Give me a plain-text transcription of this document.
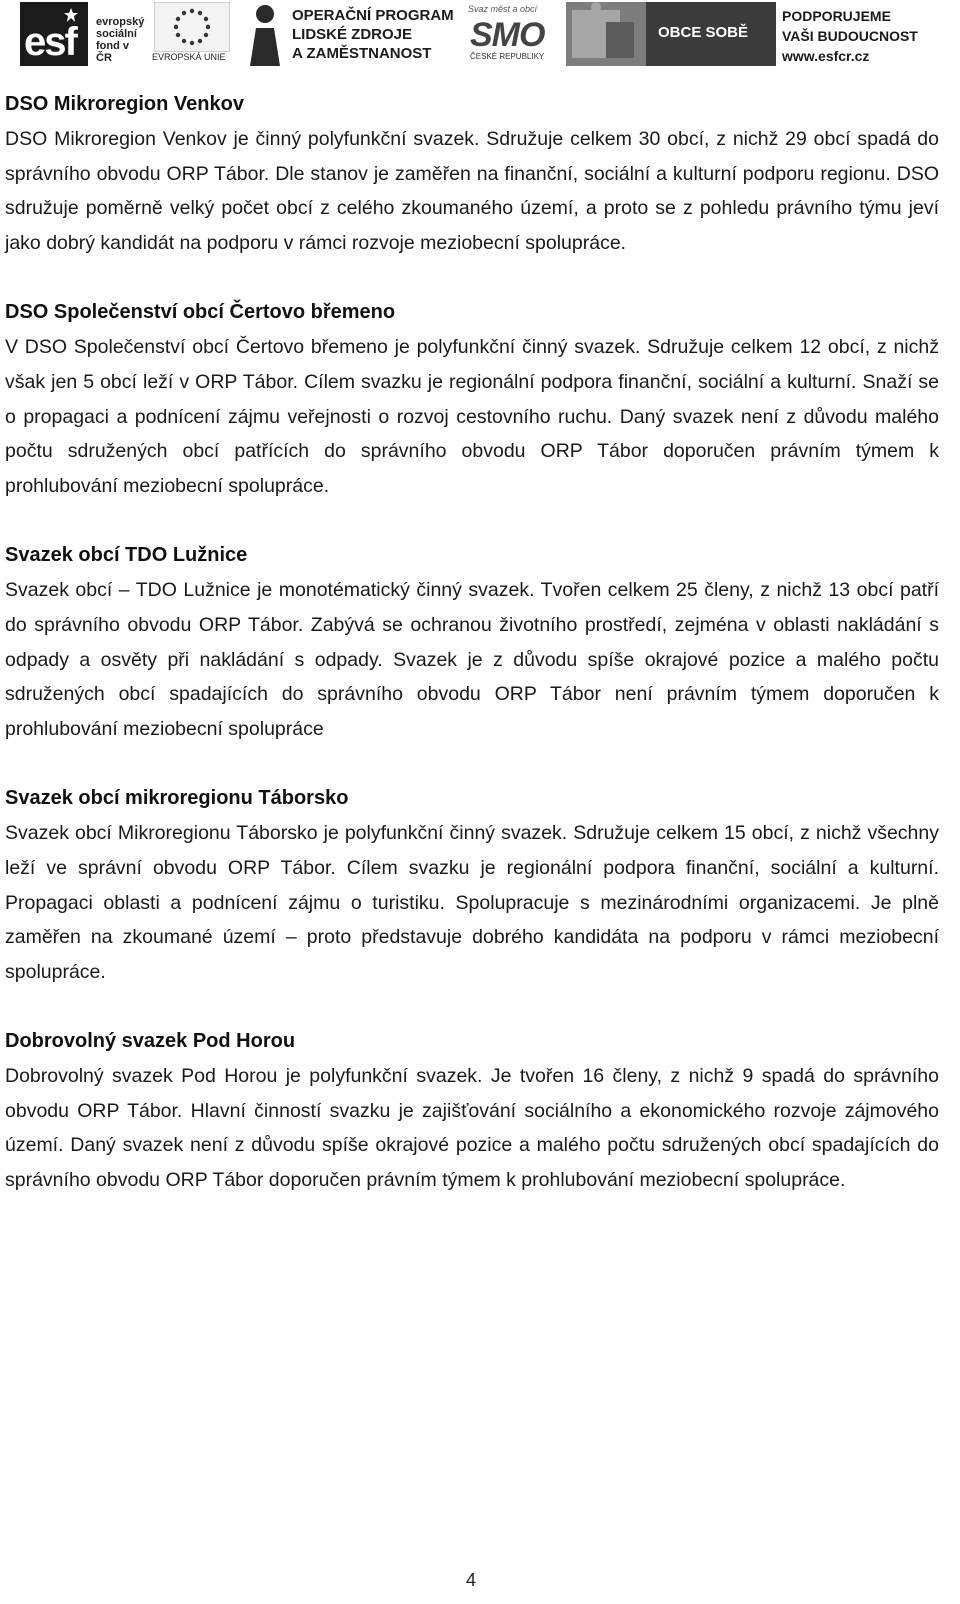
esf evropský
sociální
fond v ČR	EVROPSKÁ UNIE
OPERAČNÍ PROGRAM
LIDSKÉ ZDROJE
A ZAMĚSTNANOST
Svaz měst a obcí
SMO
ČESKÉ REPUBLIKY
OBCE SOBĚ
PODPORUJEME
VAŠI BUDOUCNOST
www.esfcr.cz

DSO Mikroregion Venkov

DSO Mikroregion Venkov je činný polyfunkční svazek. Sdružuje celkem 30 obcí, z nichž 29 obcí spadá do správního obvodu ORP Tábor. Dle stanov je zaměřen na finanční, sociální a kulturní podporu regionu. DSO sdružuje poměrně velký počet obcí z celého zkoumaného území, a proto se z pohledu právního týmu jeví jako dobrý kandidát na podporu v rámci rozvoje meziobecní spolupráce.

DSO Společenství obcí Čertovo břemeno

V DSO Společenství obcí Čertovo břemeno je polyfunkční činný svazek. Sdružuje celkem 12 obcí, z nichž však jen 5 obcí leží v ORP Tábor. Cílem svazku je regionální podpora finanční, sociální a kulturní. Snaží se o propagaci a podnícení zájmu veřejnosti o rozvoj cestovního ruchu. Daný svazek není z důvodu malého počtu sdružených obcí patřících do správního obvodu ORP Tábor doporučen právním týmem k prohlubování meziobecní spolupráce.

Svazek obcí TDO Lužnice

Svazek obcí – TDO Lužnice je monotématický činný svazek. Tvořen celkem 25 členy, z nichž 13 obcí patří do správního obvodu ORP Tábor. Zabývá se ochranou životního prostředí, zejména v oblasti nakládání s odpady a osvěty při nakládání s odpady. Svazek je z důvodu spíše okrajové pozice a malého počtu sdružených obcí spadajících do správního obvodu ORP Tábor není právním týmem doporučen k prohlubování meziobecní spolupráce

Svazek obcí mikroregionu Táborsko

Svazek obcí Mikroregionu Táborsko je polyfunkční činný svazek. Sdružuje celkem 15 obcí, z nichž všechny leží ve správní obvodu ORP Tábor. Cílem svazku je regionální podpora finanční, sociální a kulturní. Propagaci oblasti a podnícení zájmu o turistiku. Spolupracuje s mezinárodními organizacemi. Je plně zaměřen na zkoumané území – proto představuje dobrého kandidáta na podporu v rámci meziobecní spolupráce.

Dobrovolný svazek Pod Horou

Dobrovolný svazek Pod Horou je polyfunkční svazek. Je tvořen 16 členy, z nichž 9 spadá do správního obvodu ORP Tábor. Hlavní činností svazku je zajišťování sociálního a ekonomického rozvoje zájmového území. Daný svazek není z důvodu spíše okrajové pozice a malého počtu sdružených obcí spadajících do správního obvodu ORP Tábor doporučen právním týmem k prohlubování meziobecní spolupráce.

4
